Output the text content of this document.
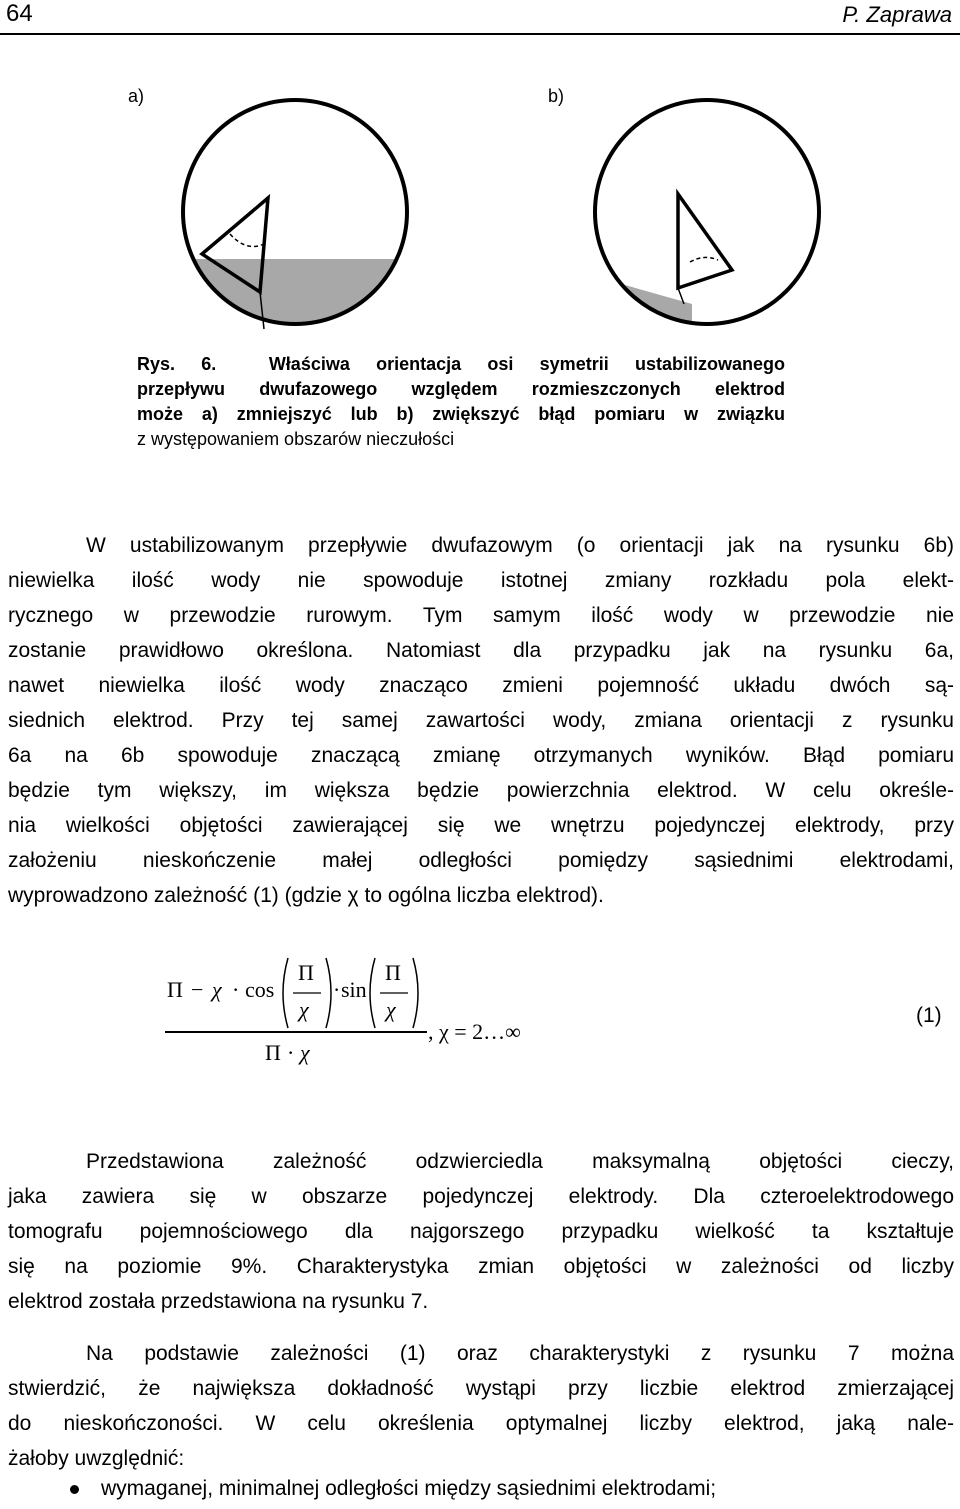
64	P. Zaprawa
a)	b)
Rys. 6.	Właściwa orientacja osi symetrii ustabilizowanego
przepływu dwufazowego względem rozmieszczonych elektrod
może a) zmniejszyć lub b) zwiększyć błąd pomiaru w związku
z występowaniem obszarów nieczułości
W ustabilizowanym przepływie dwufazowym (o orientacji jak na rysunku 6b)
niewielka ilość wody nie spowoduje istotnej zmiany rozkładu pola elekt-
rycznego w przewodzie rurowym. Tym samym ilość wody w przewodzie nie
zostanie prawidłowo określona. Natomiast dla przypadku jak na rysunku 6a,
nawet niewielka ilość wody znacząco zmieni pojemność układu dwóch są-
siednich elektrod. Przy tej samej zawartości wody, zmiana orientacji z rysunku
6a na 6b spowoduje znaczącą zmianę otrzymanych wyników. Błąd pomiaru
będzie tym większy, im większa będzie powierzchnia elektrod. W celu określe-
nia wielkości objętości zawierającej się we wnętrzu pojedynczej elektrody, przy
założeniu nieskończenie małej odległości pomiędzy sąsiednimi elektrodami,
wyprowadzono zależność (1) (gdzie χ to ogólna liczba elektrod).
Π − χ · cos
Π
χ
· sin
Π
χ
Π · χ
, χ = 2…∞
(1)
Przedstawiona zależność odzwierciedla maksymalną objętości cieczy,
jaka zawiera się w obszarze pojedynczej elektrody. Dla czteroelektrodowego
tomografu pojemnościowego dla najgorszego przypadku wielkość ta kształtuje
się na poziomie 9%. Charakterystyka zmian objętości w zależności od liczby
elektrod została przedstawiona na rysunku 7.
Na podstawie zależności (1) oraz charakterystyki z rysunku 7 można
stwierdzić, że największa dokładność wystąpi przy liczbie elektrod zmierzającej
do nieskończoności. W celu określenia optymalnej liczby elektrod, jaką nale-
żałoby uwzględnić:
wymaganej, minimalnej odległości między sąsiednimi elektrodami;
